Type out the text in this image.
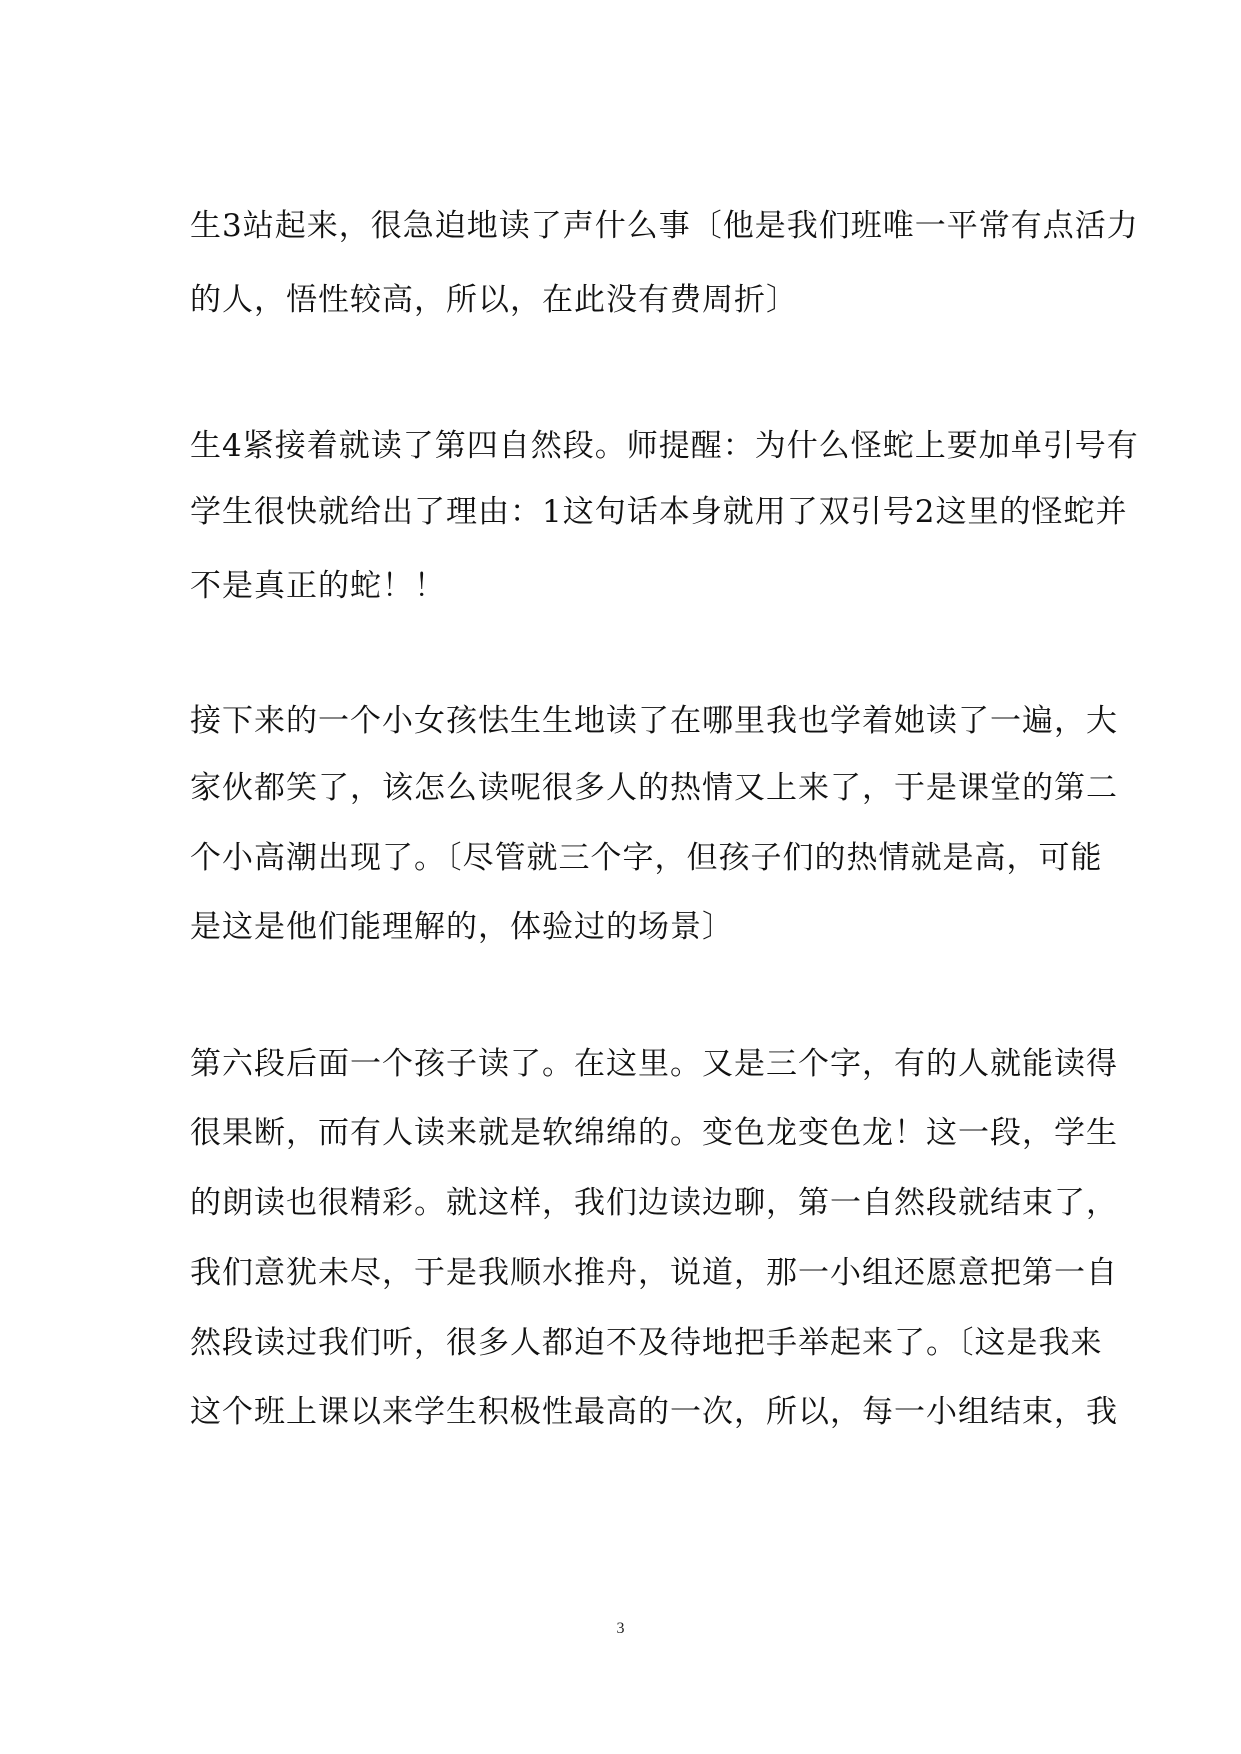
生3站起来，很急迫地读了声什么事〔他是我们班唯一平常有点活力
的人，悟性较高，所以，在此没有费周折〕
生4紧接着就读了第四自然段。师提醒：为什么怪蛇上要加单引号有
学生很快就给出了理由：1这句话本身就用了双引号2这里的怪蛇并
不是真正的蛇！！
接下来的一个小女孩怯生生地读了在哪里我也学着她读了一遍，大
家伙都笑了，该怎么读呢很多人的热情又上来了，于是课堂的第二
个小高潮出现了。〔尽管就三个字，但孩子们的热情就是高，可能
是这是他们能理解的，体验过的场景〕
第六段后面一个孩子读了。在这里。又是三个字，有的人就能读得
很果断，而有人读来就是软绵绵的。变色龙变色龙！这一段，学生
的朗读也很精彩。就这样，我们边读边聊，第一自然段就结束了，
我们意犹未尽，于是我顺水推舟，说道，那一小组还愿意把第一自
然段读过我们听，很多人都迫不及待地把手举起来了。〔这是我来
这个班上课以来学生积极性最高的一次，所以，每一小组结束，我
3
